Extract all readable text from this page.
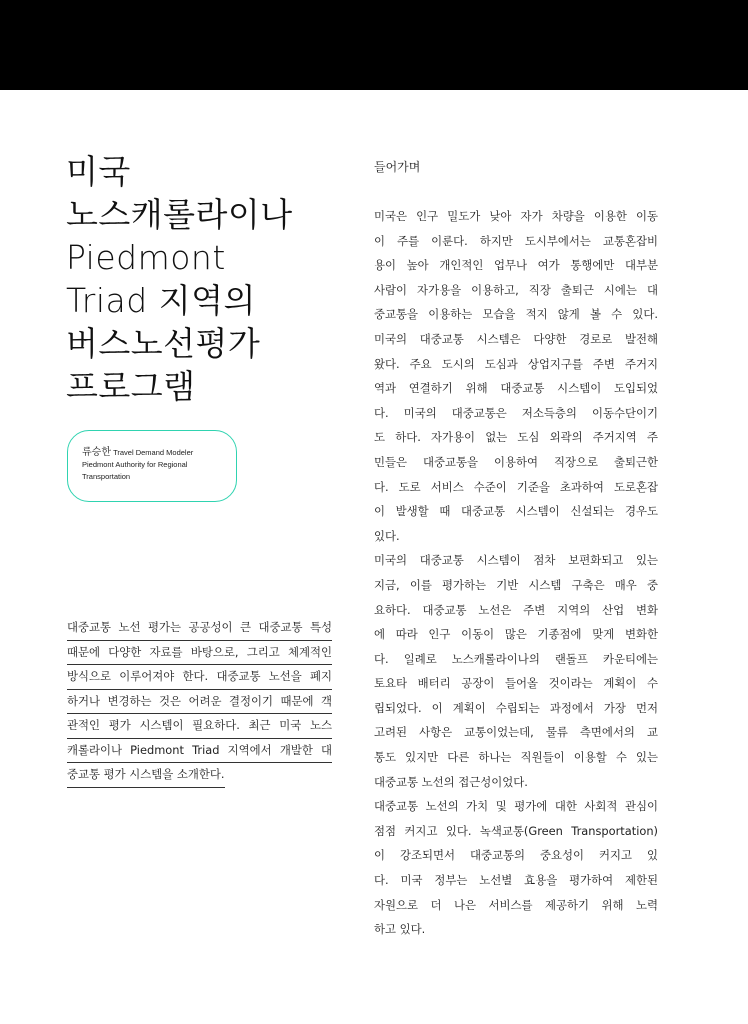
미국
노스캐롤라이나
Piedmont
Triad 지역의
버스노선평가
프로그램
류승한 Travel Demand Modeler
Piedmont Authority for Regional
Transportation
대중교통 노선 평가는 공공성이 큰 대중교통 특성
때문에 다양한 자료를 바탕으로, 그리고 체계적인
방식으로 이루어져야 한다. 대중교통 노선을 폐지
하거나 변경하는 것은 어려운 결정이기 때문에 객
관적인 평가 시스템이 필요하다. 최근 미국 노스
캐롤라이나 Piedmont Triad 지역에서 개발한 대
중교통 평가 시스템을 소개한다.
들어가며
미국은 인구 밀도가 낮아 자가 차량을 이용한 이동
이 주를 이룬다. 하지만 도시부에서는 교통혼잡비
용이 높아 개인적인 업무나 여가 통행에만 대부분
사람이 자가용을 이용하고, 직장 출퇴근 시에는 대
중교통을 이용하는 모습을 적지 않게 볼 수 있다.
미국의 대중교통 시스템은 다양한 경로로 발전해
왔다. 주요 도시의 도심과 상업지구를 주변 주거지
역과 연결하기 위해 대중교통 시스템이 도입되었
다. 미국의 대중교통은 저소득층의 이동수단이기
도 하다. 자가용이 없는 도심 외곽의 주거지역 주
민들은 대중교통을 이용하여 직장으로 출퇴근한
다. 도로 서비스 수준이 기준을 초과하여 도로혼잡
이 발생할 때 대중교통 시스템이 신설되는 경우도
있다.
미국의 대중교통 시스템이 점차 보편화되고 있는
지금, 이를 평가하는 기반 시스템 구축은 매우 중
요하다. 대중교통 노선은 주변 지역의 산업 변화
에 따라 인구 이동이 많은 기종점에 맞게 변화한
다. 일례로 노스캐롤라이나의 랜돌프 카운티에는
토요타 배터리 공장이 들어올 것이라는 계획이 수
립되었다. 이 계획이 수립되는 과정에서 가장 먼저
고려된 사항은 교통이었는데, 물류 측면에서의 교
통도 있지만 다른 하나는 직원들이 이용할 수 있는
대중교통 노선의 접근성이었다.
대중교통 노선의 가치 및 평가에 대한 사회적 관심이
점점 커지고 있다. 녹색교통(Green Transportation)
이 강조되면서 대중교통의 중요성이 커지고 있
다. 미국 정부는 노선별 효용을 평가하여 제한된
자원으로 더 나은 서비스를 제공하기 위해 노력
하고 있다.
